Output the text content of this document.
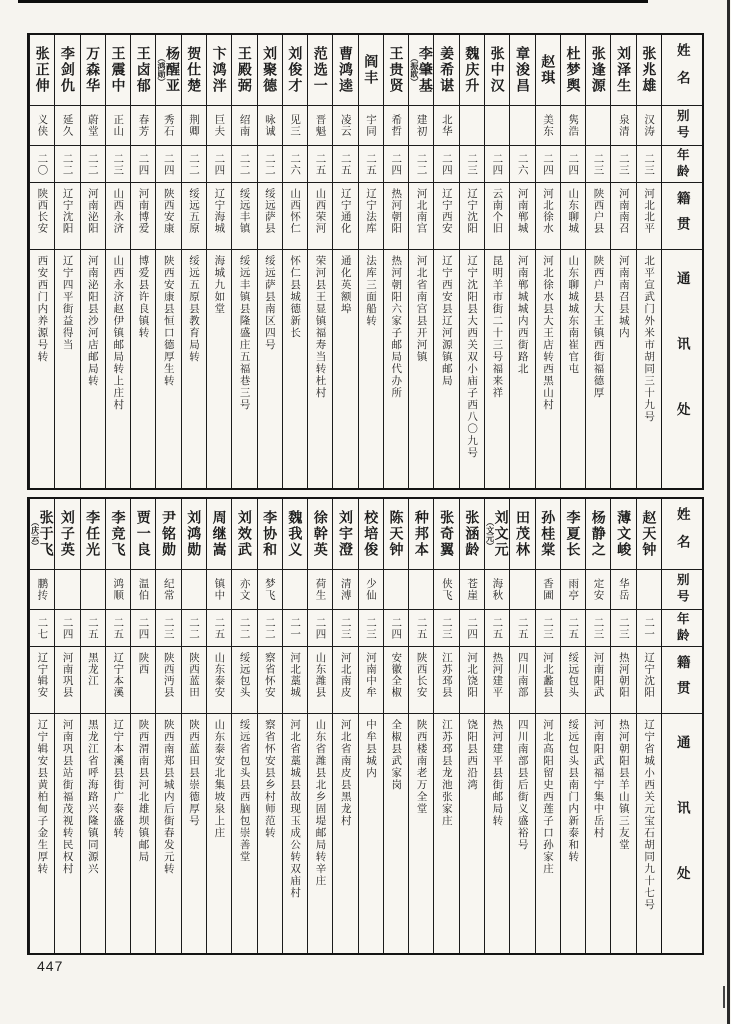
姓名
别号
年龄
籍贯
通讯处
张兆雄
汉涛
二三
河北北平
北平宣武门外米市胡同三十九号
刘泽生
泉清
二三
河南南召
河南南召县城内
张逢源
二三
陕西户县
陕西户县大王镇西街福德厚
杜梦舆
隽浩
二四
山东聊城
山东聊城城东南崔官屯
赵琪
美东
二四
河北徐水
河北徐水县大王店转西黑山村
章浚昌
二六
河南郸城
河南郸城城内西街路北
张中汉
二四
云南个旧
昆明羊市街二十三号福来祥
魏庆升
二三
辽宁沈阳
辽宁沈阳县大西关双小庙子西八〇九号
姜希谌
北华
二四
辽宁西安
辽宁西安县辽河源镇邮局
李肇基
（振欧）
建初
二二
河北南宫
河北省南宫县开河镇
王贵贤
希哲
二四
热河朝阳
热河朝阳六家子邮局代办所
阎丰
宇同
二五
辽宁法库
法库三面船转
曹鸿逵
凌云
二五
辽宁通化
通化英额埠
范选一
晋魁
二五
山西荣河
荣河县王显镇福寿当转杜村
刘俊才
见三
二六
山西怀仁
怀仁县城德新长
刘聚德
咏诚
二二
绥远萨县
绥远萨县南区四号
王殿弼
绍南
二二
绥远丰镇
绥远丰镇县隆盛庄五福巷三号
卞鸿泮
巨夫
二四
辽宁海城
海城九如堂
贺仕楚
荆卿
二二
绥远五原
绥远五原县教育局转
杨醒亚
（鸿勋）
秀石
二四
陕西安康
陕西安康县恒口德厚生转
王卤郁
春芳
二四
河南博爱
博爱县许良镇转
王震中
正山
二三
山西永济
山西永济赵伊镇邮局转上庄村
万森华
蔚堂
二二
河南泌阳
河南泌阳县沙河店邮局转
李剑仇
延久
二二
辽宁沈阳
辽宁四平街益得当
张正伸
义侠
二〇
陕西长安
西安西门内养源号转
姓名
别号
年龄
籍贯
通讯处
赵天钟
二一
辽宁沈阳
辽宁省城小西关元宝石胡同九十七号
薄文峻
华岳
二三
热河朝阳
热河朝阳县羊山镇三友堂
杨静之
定安
二三
河南阳武
河南阳武福宁集中岳村
李夏长
雨亭
二五
绥远包头
绥远包头县南门内新泰和转
孙桂棠
香圃
二三
河北蠡县
河北高阳留史西莲子口孙家庄
田茂林
二五
四川南部
四川南部县后街义盛裕号
刘文元
（文元）
海秋
二五
热河建平
热河建平县街邮局转
张涵龄
苍崖
二四
河北饶阳
饶阳县西沿湾
张奇翼
侠飞
二三
江苏邳县
江苏邳县龙池张家庄
种邦本
二五
陕西长安
陕西楼南老万全堂
陈天钟
二四
安徽全椒
全椒县武家岗
校培俊
少仙
二三
河南中牟
中牟县城内
刘宇澄
清溥
二三
河北南皮
河北省南皮县黑龙村
徐幹英
荷生
二四
山东潍县
山东省潍县北乡固堤邮局转辛庄
魏我义
二一
河北藁城
河北省藁城县故现玉成公转双庙村
李协和
梦飞
二二
察省怀安
察省怀安县乡村师范转
刘效武
亦文
二二
绥远包头
绥远省包头县西脑包崇善堂
周继嵩
镇中
二五
山东泰安
山东泰安北集坡泉上庄
刘鸿勋
二二
陕西蓝田
陕西蓝田县崇德厚号
尹铭勋
纪常
二三
陕西沔县
陕西南郑县城内后街春发元转
贾一良
温伯
二四
陕西
陕西渭南县河北雄坝镇邮局
李竞飞
鸿顺
二五
辽宁本溪
辽宁本溪县街广泰盛转
李任光
二五
黑龙江
黑龙江省呼海路兴隆镇同源兴
刘子英
二四
河南巩县
河南巩县站街福茂视转民权村
张于飞
（庆云）
鹏抟
二七
辽宁辑安
辽宁辑安县黄柏甸子金生厚转
447
